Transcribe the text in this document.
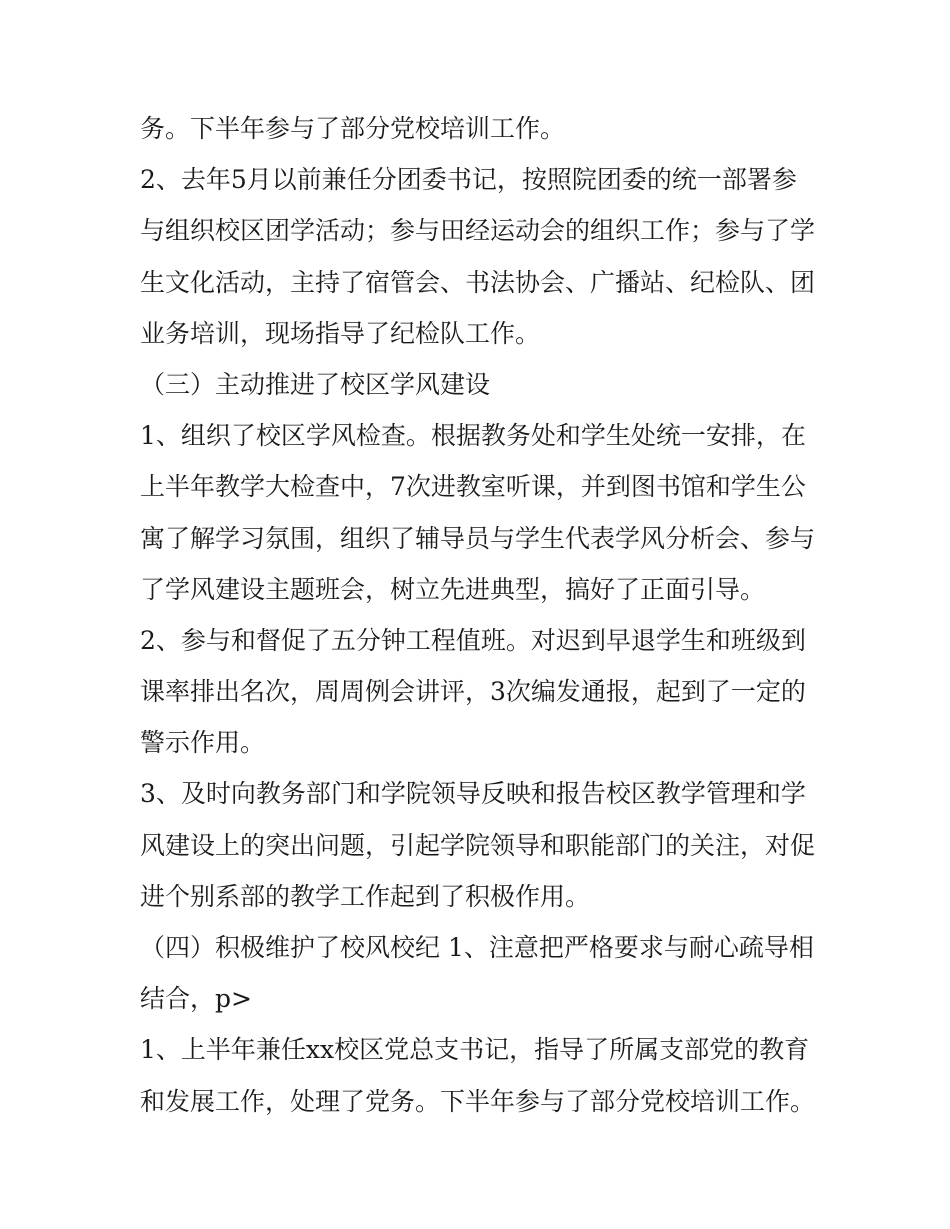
务。下半年参与了部分党校培训工作。
2、去年5月以前兼任分团委书记，按照院团委的统一部署参
与组织校区团学活动；参与田经运动会的组织工作；参与了学
生文化活动，主持了宿管会、书法协会、广播站、纪检队、团
业务培训，现场指导了纪检队工作。
（三）主动推进了校区学风建设
1、组织了校区学风检查。根据教务处和学生处统一安排，在
上半年教学大检查中，7次进教室听课，并到图书馆和学生公
寓了解学习氛围，组织了辅导员与学生代表学风分析会、参与
了学风建设主题班会，树立先进典型，搞好了正面引导。
2、参与和督促了五分钟工程值班。对迟到早退学生和班级到
课率排出名次，周周例会讲评，3次编发通报，起到了一定的
警示作用。
3、及时向教务部门和学院领导反映和报告校区教学管理和学
风建设上的突出问题，引起学院领导和职能部门的关注，对促
进个别系部的教学工作起到了积极作用。
（四）积极维护了校风校纪 1、注意把严格要求与耐心疏导相
结合，p>
1、上半年兼任xx校区党总支书记，指导了所属支部党的教育
和发展工作，处理了党务。下半年参与了部分党校培训工作。
